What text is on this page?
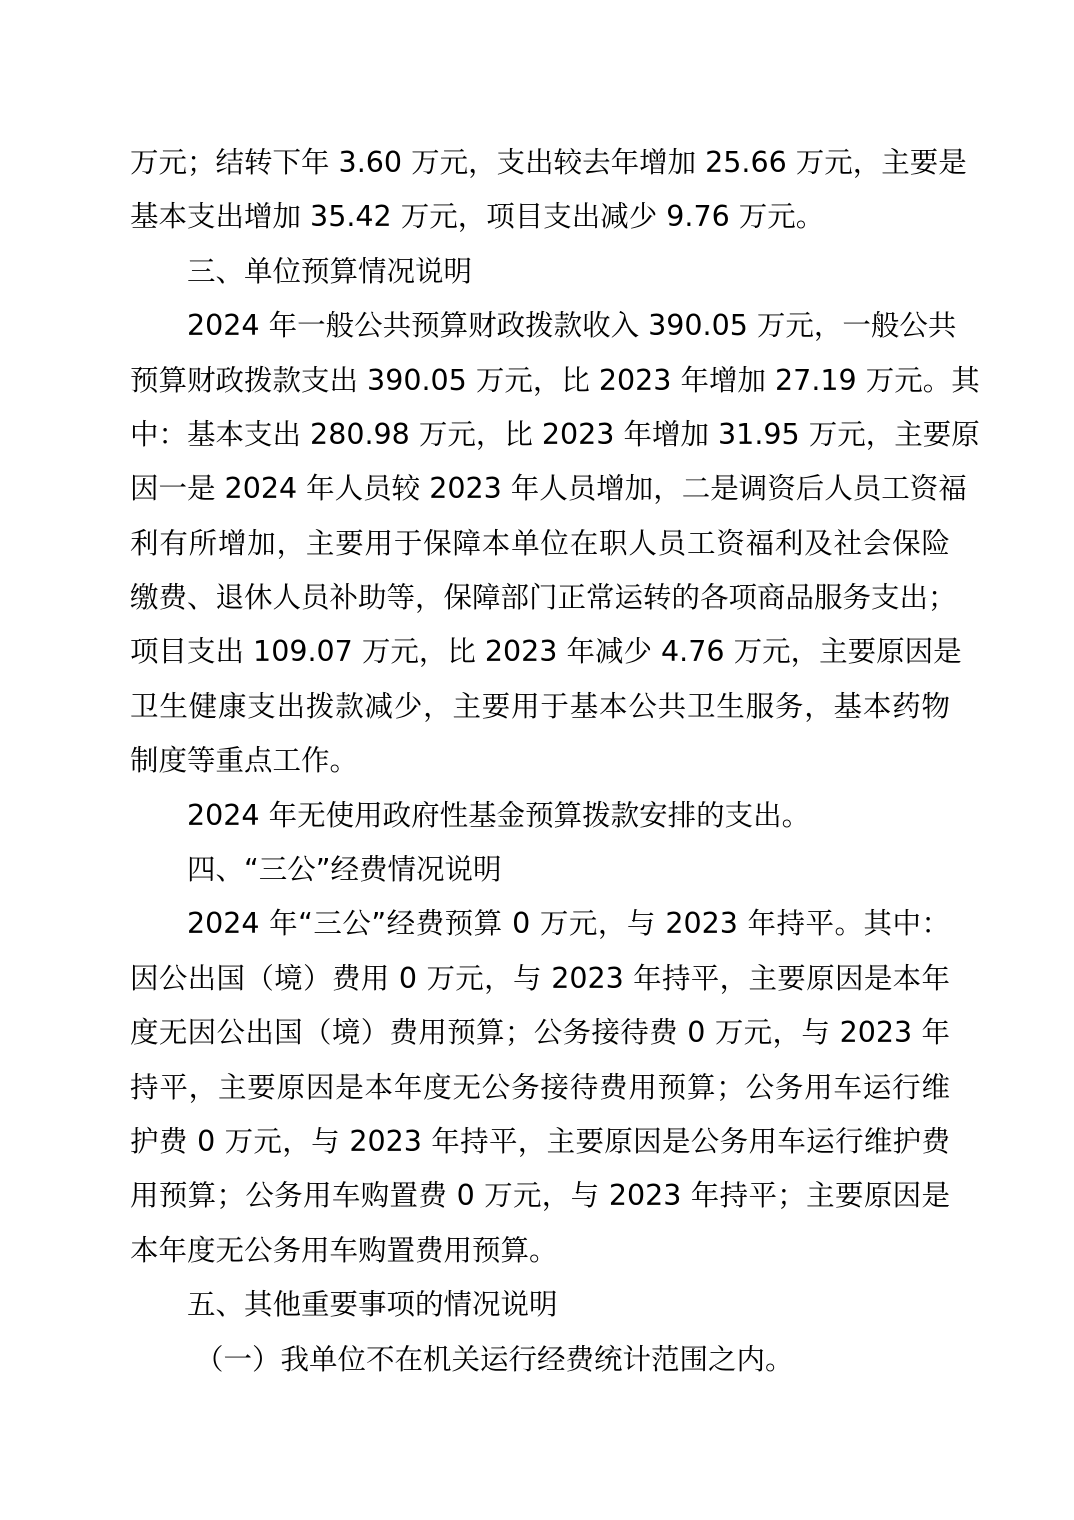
万元；结转下年 3.60 万元，支出较去年增加 25.66 万元，主要是
基本支出增加 35.42 万元，项目支出减少 9.76 万元。
三、单位预算情况说明
2024 年一般公共预算财政拨款收入 390.05 万元，一般公共
预算财政拨款支出 390.05 万元，比 2023 年增加 27.19 万元。其
中：基本支出 280.98 万元，比 2023 年增加 31.95 万元，主要原
因一是 2024 年人员较 2023 年人员增加，二是调资后人员工资福
利有所增加，主要用于保障本单位在职人员工资福利及社会保险
缴费、退休人员补助等，保障部门正常运转的各项商品服务支出；
项目支出 109.07 万元，比 2023 年减少 4.76 万元，主要原因是
卫生健康支出拨款减少，主要用于基本公共卫生服务，基本药物
制度等重点工作。
2024 年无使用政府性基金预算拨款安排的支出。
四、“三公”经费情况说明
2024 年“三公”经费预算 0 万元，与 2023 年持平。其中：
因公出国（境）费用 0 万元，与 2023 年持平，主要原因是本年
度无因公出国（境）费用预算；公务接待费 0 万元，与 2023 年
持平，主要原因是本年度无公务接待费用预算；公务用车运行维
护费 0 万元，与 2023 年持平，主要原因是公务用车运行维护费
用预算；公务用车购置费 0 万元，与 2023 年持平；主要原因是
本年度无公务用车购置费用预算。
五、其他重要事项的情况说明
（一）我单位不在机关运行经费统计范围之内。
